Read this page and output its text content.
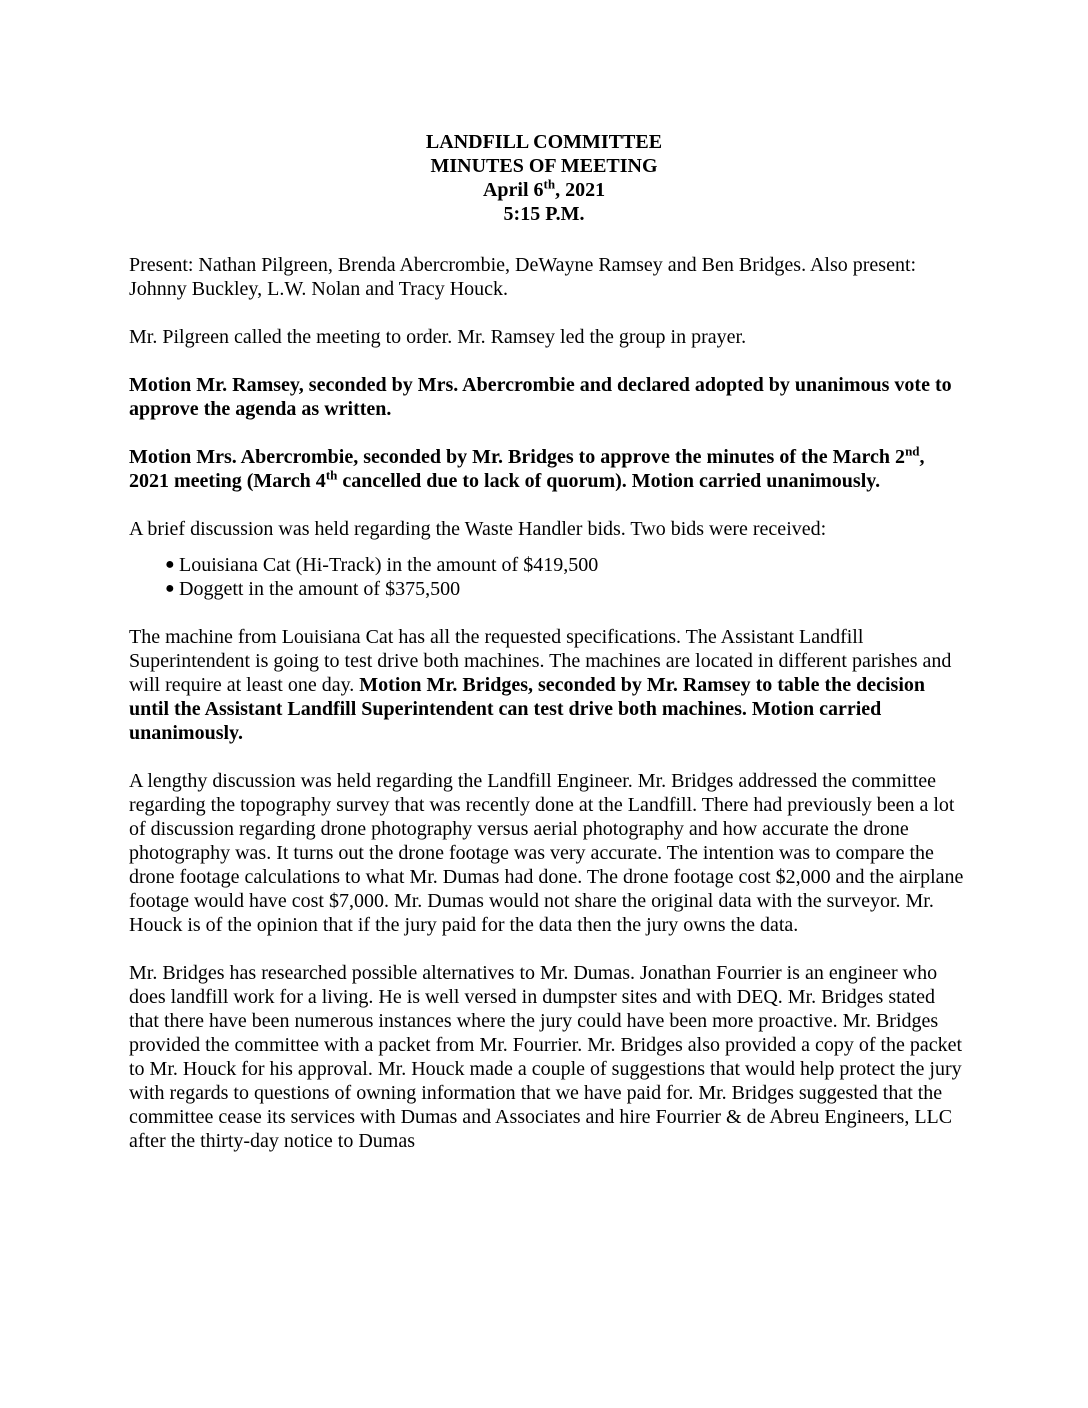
LANDFILL COMMITTEE
MINUTES OF MEETING
April 6th, 2021
5:15 P.M.

Present: Nathan Pilgreen, Brenda Abercrombie, DeWayne Ramsey and Ben Bridges. Also present: Johnny Buckley, L.W. Nolan and Tracy Houck.

Mr. Pilgreen called the meeting to order. Mr. Ramsey led the group in prayer.

Motion Mr. Ramsey, seconded by Mrs. Abercrombie and declared adopted by unanimous vote to approve the agenda as written.

Motion Mrs. Abercrombie, seconded by Mr. Bridges to approve the minutes of the March 2nd, 2021 meeting (March 4th cancelled due to lack of quorum). Motion carried unanimously.

A brief discussion was held regarding the Waste Handler bids. Two bids were received:

● Louisiana Cat (Hi-Track) in the amount of $419,500
● Doggett in the amount of $375,500

The machine from Louisiana Cat has all the requested specifications. The Assistant Landfill Superintendent is going to test drive both machines. The machines are located in different parishes and will require at least one day. Motion Mr. Bridges, seconded by Mr. Ramsey to table the decision until the Assistant Landfill Superintendent can test drive both machines. Motion carried unanimously.

A lengthy discussion was held regarding the Landfill Engineer. Mr. Bridges addressed the committee regarding the topography survey that was recently done at the Landfill. There had previously been a lot of discussion regarding drone photography versus aerial photography and how accurate the drone photography was. It turns out the drone footage was very accurate. The intention was to compare the drone footage calculations to what Mr. Dumas had done. The drone footage cost $2,000 and the airplane footage would have cost $7,000. Mr. Dumas would not share the original data with the surveyor. Mr. Houck is of the opinion that if the jury paid for the data then the jury owns the data.

Mr. Bridges has researched possible alternatives to Mr. Dumas. Jonathan Fourrier is an engineer who does landfill work for a living. He is well versed in dumpster sites and with DEQ. Mr. Bridges stated that there have been numerous instances where the jury could have been more proactive. Mr. Bridges provided the committee with a packet from Mr. Fourrier. Mr. Bridges also provided a copy of the packet to Mr. Houck for his approval. Mr. Houck made a couple of suggestions that would help protect the jury with regards to questions of owning information that we have paid for. Mr. Bridges suggested that the committee cease its services with Dumas and Associates and hire Fourrier & de Abreu Engineers, LLC after the thirty-day notice to Dumas
